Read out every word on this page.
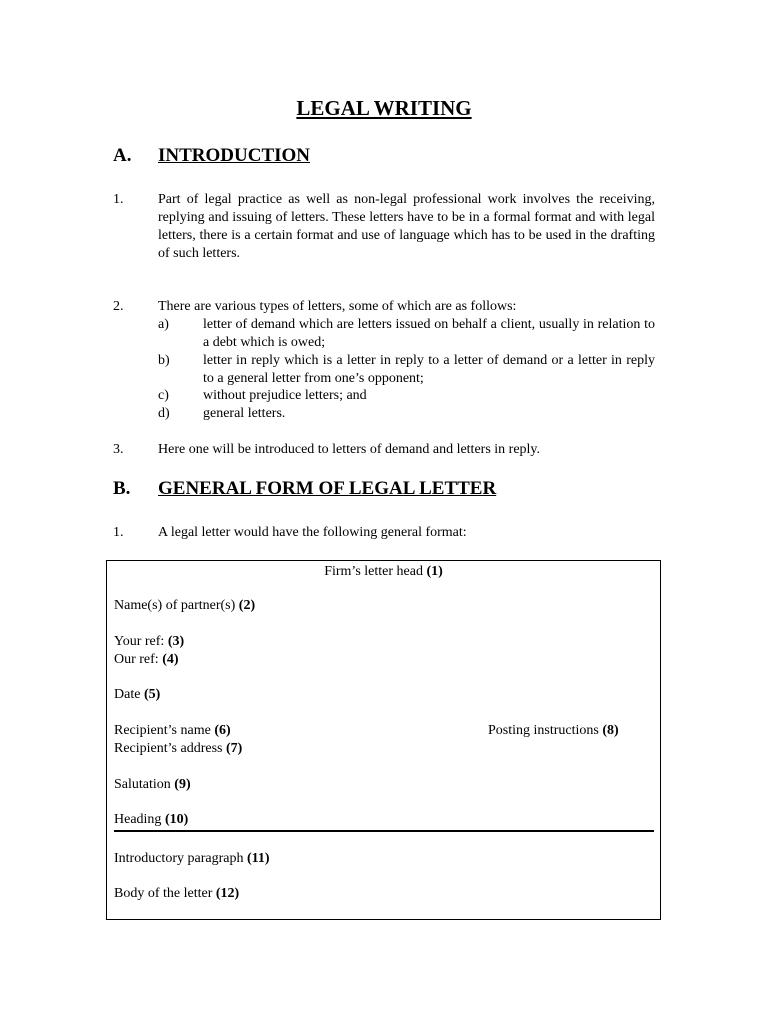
LEGAL WRITING
A. INTRODUCTION
1. Part of legal practice as well as non-legal professional work involves the receiving, replying and issuing of letters. These letters have to be in a formal format and with legal letters, there is a certain format and use of language which has to be used in the drafting of such letters.
2. There are various types of letters, some of which are as follows:
a) letter of demand which are letters issued on behalf a client, usually in relation to a debt which is owed;
b) letter in reply which is a letter in reply to a letter of demand or a letter in reply to a general letter from one’s opponent;
c) without prejudice letters; and
d) general letters.
3. Here one will be introduced to letters of demand and letters in reply.
B. GENERAL FORM OF LEGAL LETTER
1. A legal letter would have the following general format:
Firm’s letter head (1)
Name(s) of partner(s) (2)
Your ref: (3)
Our ref: (4)
Date (5)
Recipient’s name (6)	Posting instructions (8)
Recipient’s address (7)
Salutation (9)
Heading (10)
Introductory paragraph (11)
Body of the letter (12)
